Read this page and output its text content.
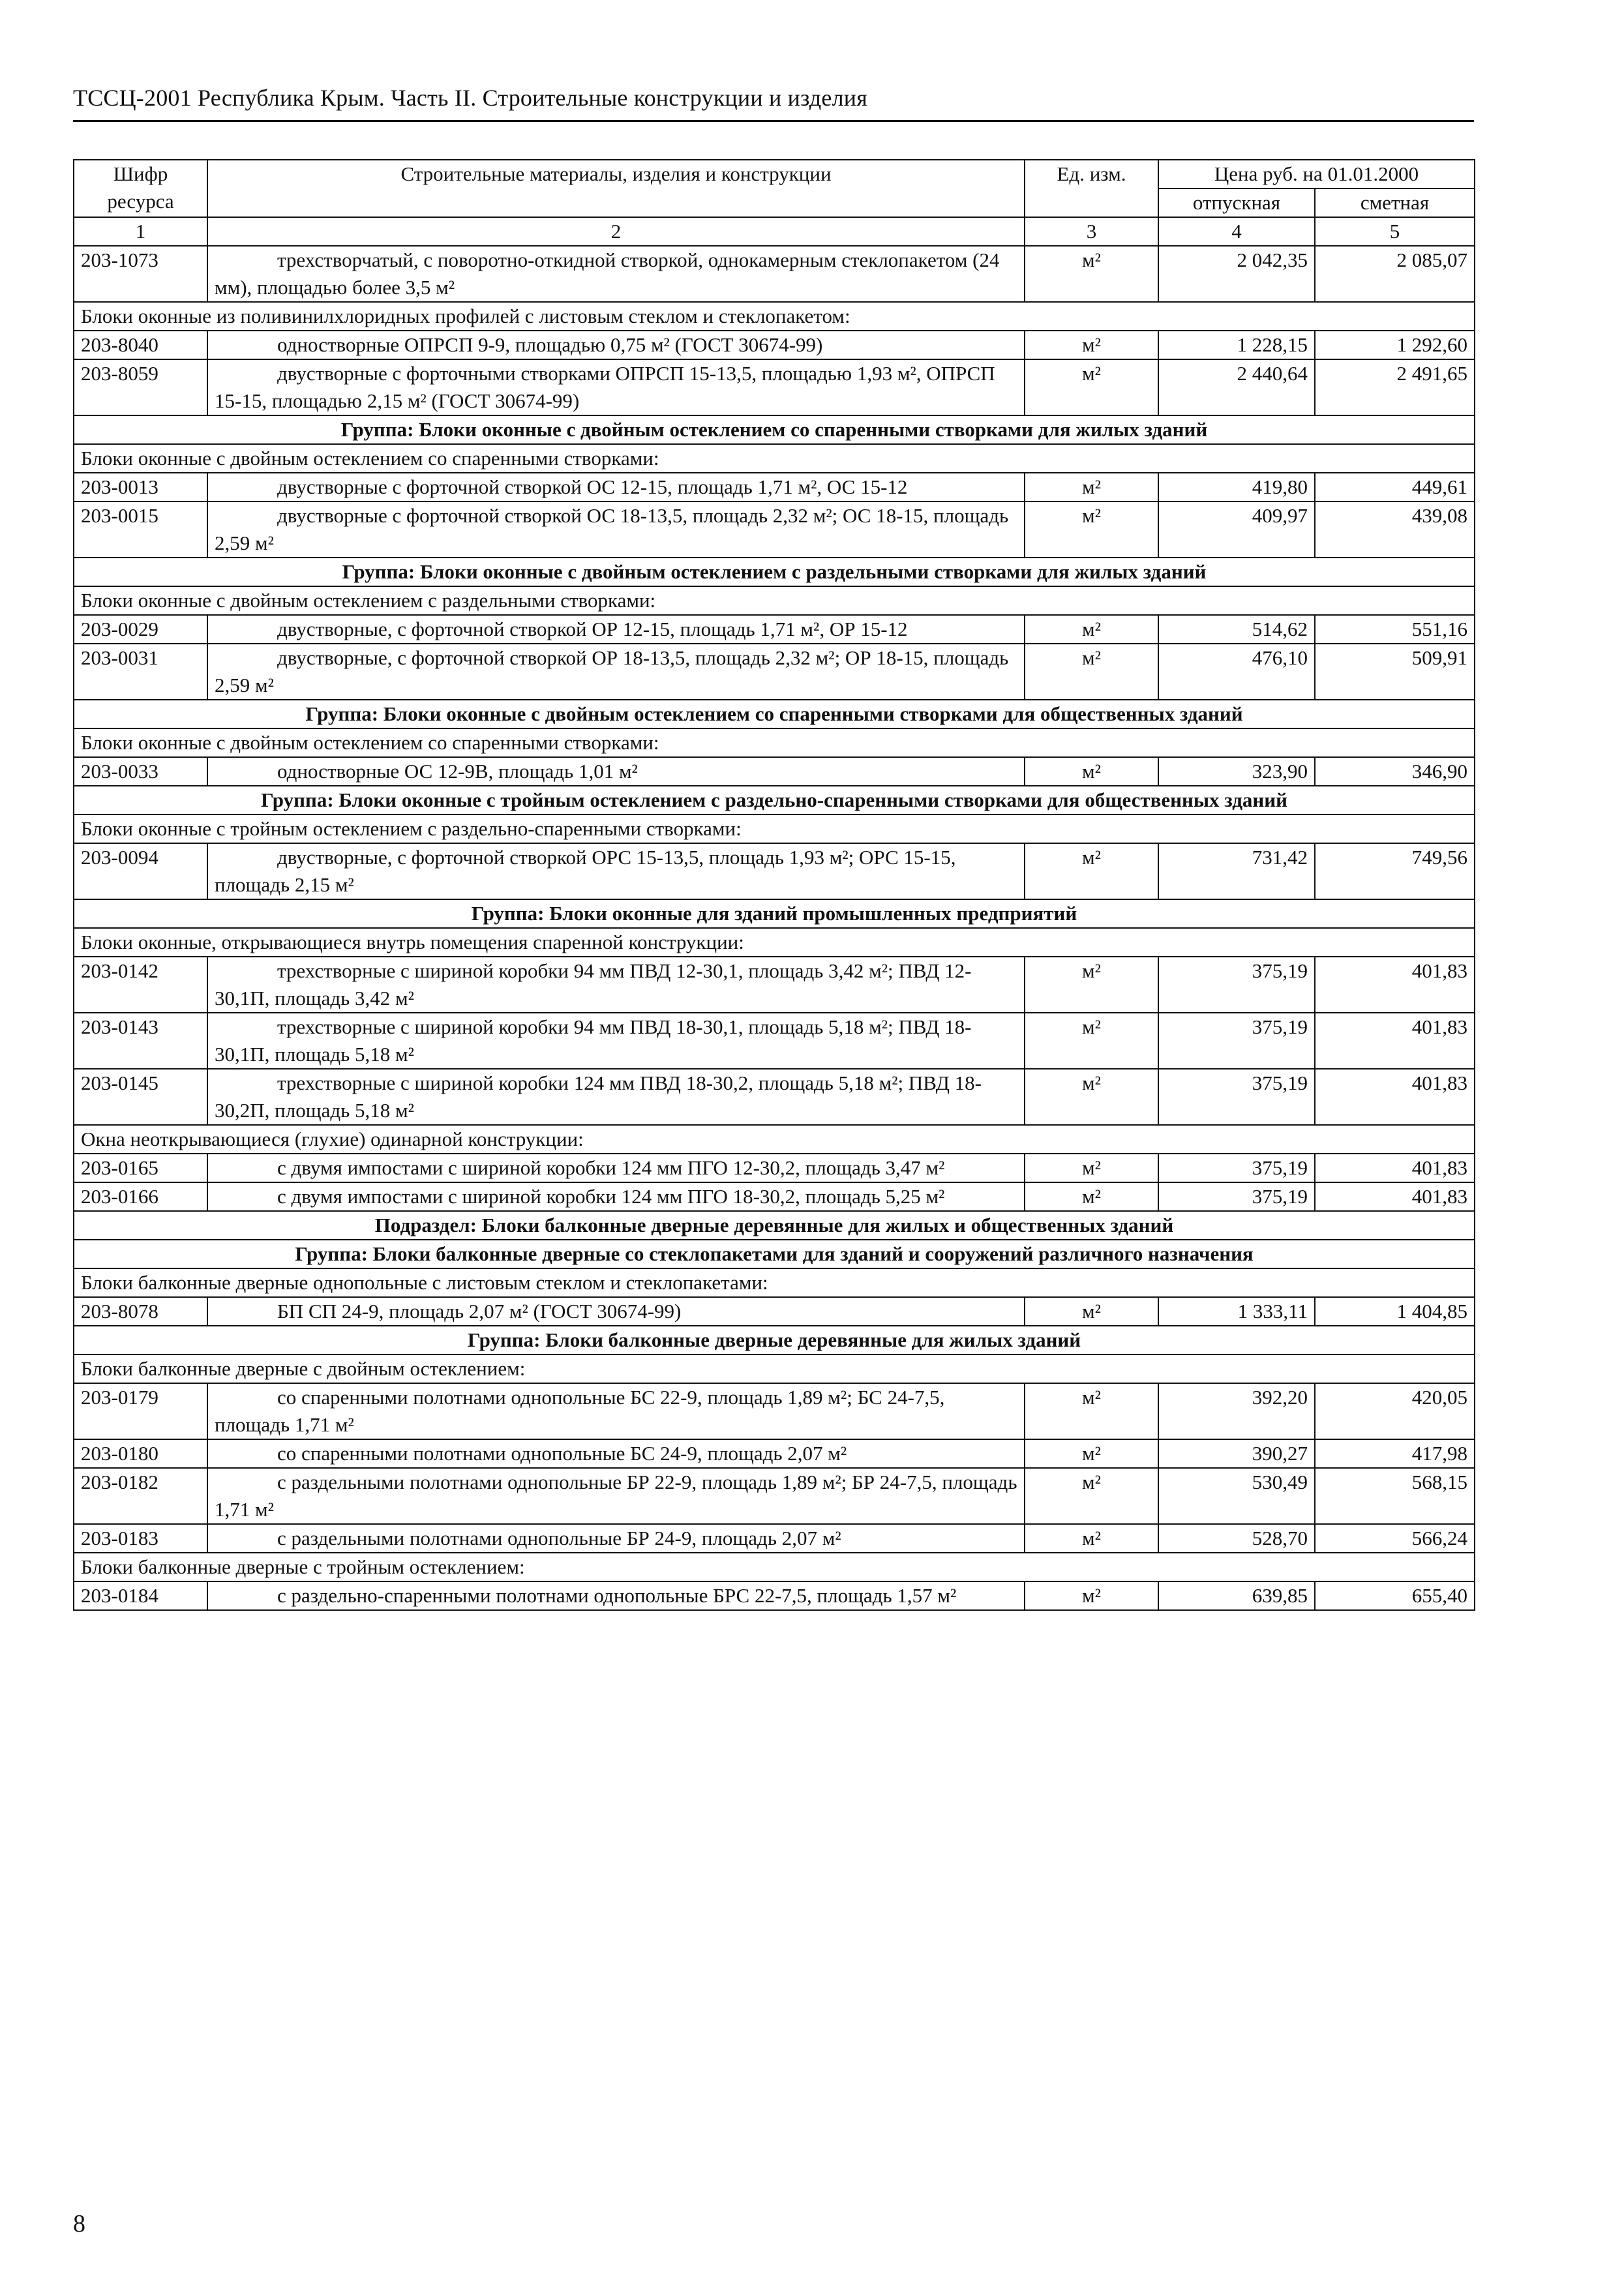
ТССЦ-2001 Республика Крым. Часть II. Строительные конструкции и изделия
Шифр ресурса	Строительные материалы, изделия и конструкции	Ед. изм.	Цена руб. на 01.01.2000	
			отпускная	сметная
1	2	3	4	5
203-1073	трехстворчатый, с поворотно-откидной створкой, однокамерным стеклопакетом (24 мм), площадью более 3,5 м²	м²	2 042,35	2 085,07
Блоки оконные из поливинилхлоридных профилей с листовым стеклом и стеклопакетом:				
203-8040	одностворные ОПРСП 9-9, площадью 0,75 м² (ГОСТ 30674-99)	м²	1 228,15	1 292,60
203-8059	двустворные с форточными створками ОПРСП 15-13,5, площадью 1,93 м², ОПРСП 15-15, площадью 2,15 м² (ГОСТ 30674-99)	м²	2 440,64	2 491,65
Группа: Блоки оконные с двойным остеклением со спаренными створками для жилых зданий				
Блоки оконные с двойным остеклением со спаренными створками:				
203-0013	двустворные с форточной створкой ОС 12-15, площадь 1,71 м², ОС 15-12	м²	419,80	449,61
203-0015	двустворные с форточной створкой ОС 18-13,5, площадь 2,32 м²; ОС 18-15, площадь 2,59 м²	м²	409,97	439,08
Группа: Блоки оконные с двойным остеклением с раздельными створками для жилых зданий				
Блоки оконные с двойным остеклением с раздельными створками:				
203-0029	двустворные, с форточной створкой ОР 12-15, площадь 1,71 м², ОР 15-12	м²	514,62	551,16
203-0031	двустворные, с форточной створкой ОР 18-13,5, площадь 2,32 м²; ОР 18-15, площадь 2,59 м²	м²	476,10	509,91
Группа: Блоки оконные с двойным остеклением со спаренными створками для общественных зданий				
Блоки оконные с двойным остеклением со спаренными створками:				
203-0033	одностворные ОС 12-9В, площадь 1,01 м²	м²	323,90	346,90
Группа: Блоки оконные с тройным остеклением с раздельно-спаренными створками для общественных зданий				
Блоки оконные с тройным остеклением с раздельно-спаренными створками:				
203-0094	двустворные, с форточной створкой ОРС 15-13,5, площадь 1,93 м²; ОРС 15-15, площадь 2,15 м²	м²	731,42	749,56
Группа: Блоки оконные для зданий промышленных предприятий				
Блоки оконные, открывающиеся внутрь помещения спаренной конструкции:				
203-0142	трехстворные с шириной коробки 94 мм ПВД 12-30,1, площадь 3,42 м²; ПВД 12-30,1П, площадь 3,42 м²	м²	375,19	401,83
203-0143	трехстворные с шириной коробки 94 мм ПВД 18-30,1, площадь 5,18 м²; ПВД 18-30,1П, площадь 5,18 м²	м²	375,19	401,83
203-0145	трехстворные с шириной коробки 124 мм ПВД 18-30,2, площадь 5,18 м²; ПВД 18-30,2П, площадь 5,18 м²	м²	375,19	401,83
Окна неоткрывающиеся (глухие) одинарной конструкции:				
203-0165	с двумя импостами с шириной коробки 124 мм ПГО 12-30,2, площадь 3,47 м²	м²	375,19	401,83
203-0166	с двумя импостами с шириной коробки 124 мм ПГО 18-30,2, площадь 5,25 м²	м²	375,19	401,83
Подраздел: Блоки балконные дверные деревянные для жилых и общественных зданий				
Группа: Блоки балконные дверные со стеклопакетами для зданий и сооружений различного назначения				
Блоки балконные дверные однопольные с листовым стеклом и стеклопакетами:				
203-8078	БП СП 24-9, площадь 2,07 м² (ГОСТ 30674-99)	м²	1 333,11	1 404,85
Группа: Блоки балконные дверные деревянные для жилых зданий				
Блоки балконные дверные с двойным остеклением:				
203-0179	со спаренными полотнами однопольные БС 22-9, площадь 1,89 м²; БС 24-7,5, площадь 1,71 м²	м²	392,20	420,05
203-0180	со спаренными полотнами однопольные БС 24-9, площадь 2,07 м²	м²	390,27	417,98
203-0182	с раздельными полотнами однопольные БР 22-9, площадь 1,89 м²; БР 24-7,5, площадь 1,71 м²	м²	530,49	568,15
203-0183	с раздельными полотнами однопольные БР 24-9, площадь 2,07 м²	м²	528,70	566,24
Блоки балконные дверные с тройным остеклением:				
203-0184	с раздельно-спаренными полотнами однопольные БРС 22-7,5, площадь 1,57 м²	м²	639,85	655,40
8
